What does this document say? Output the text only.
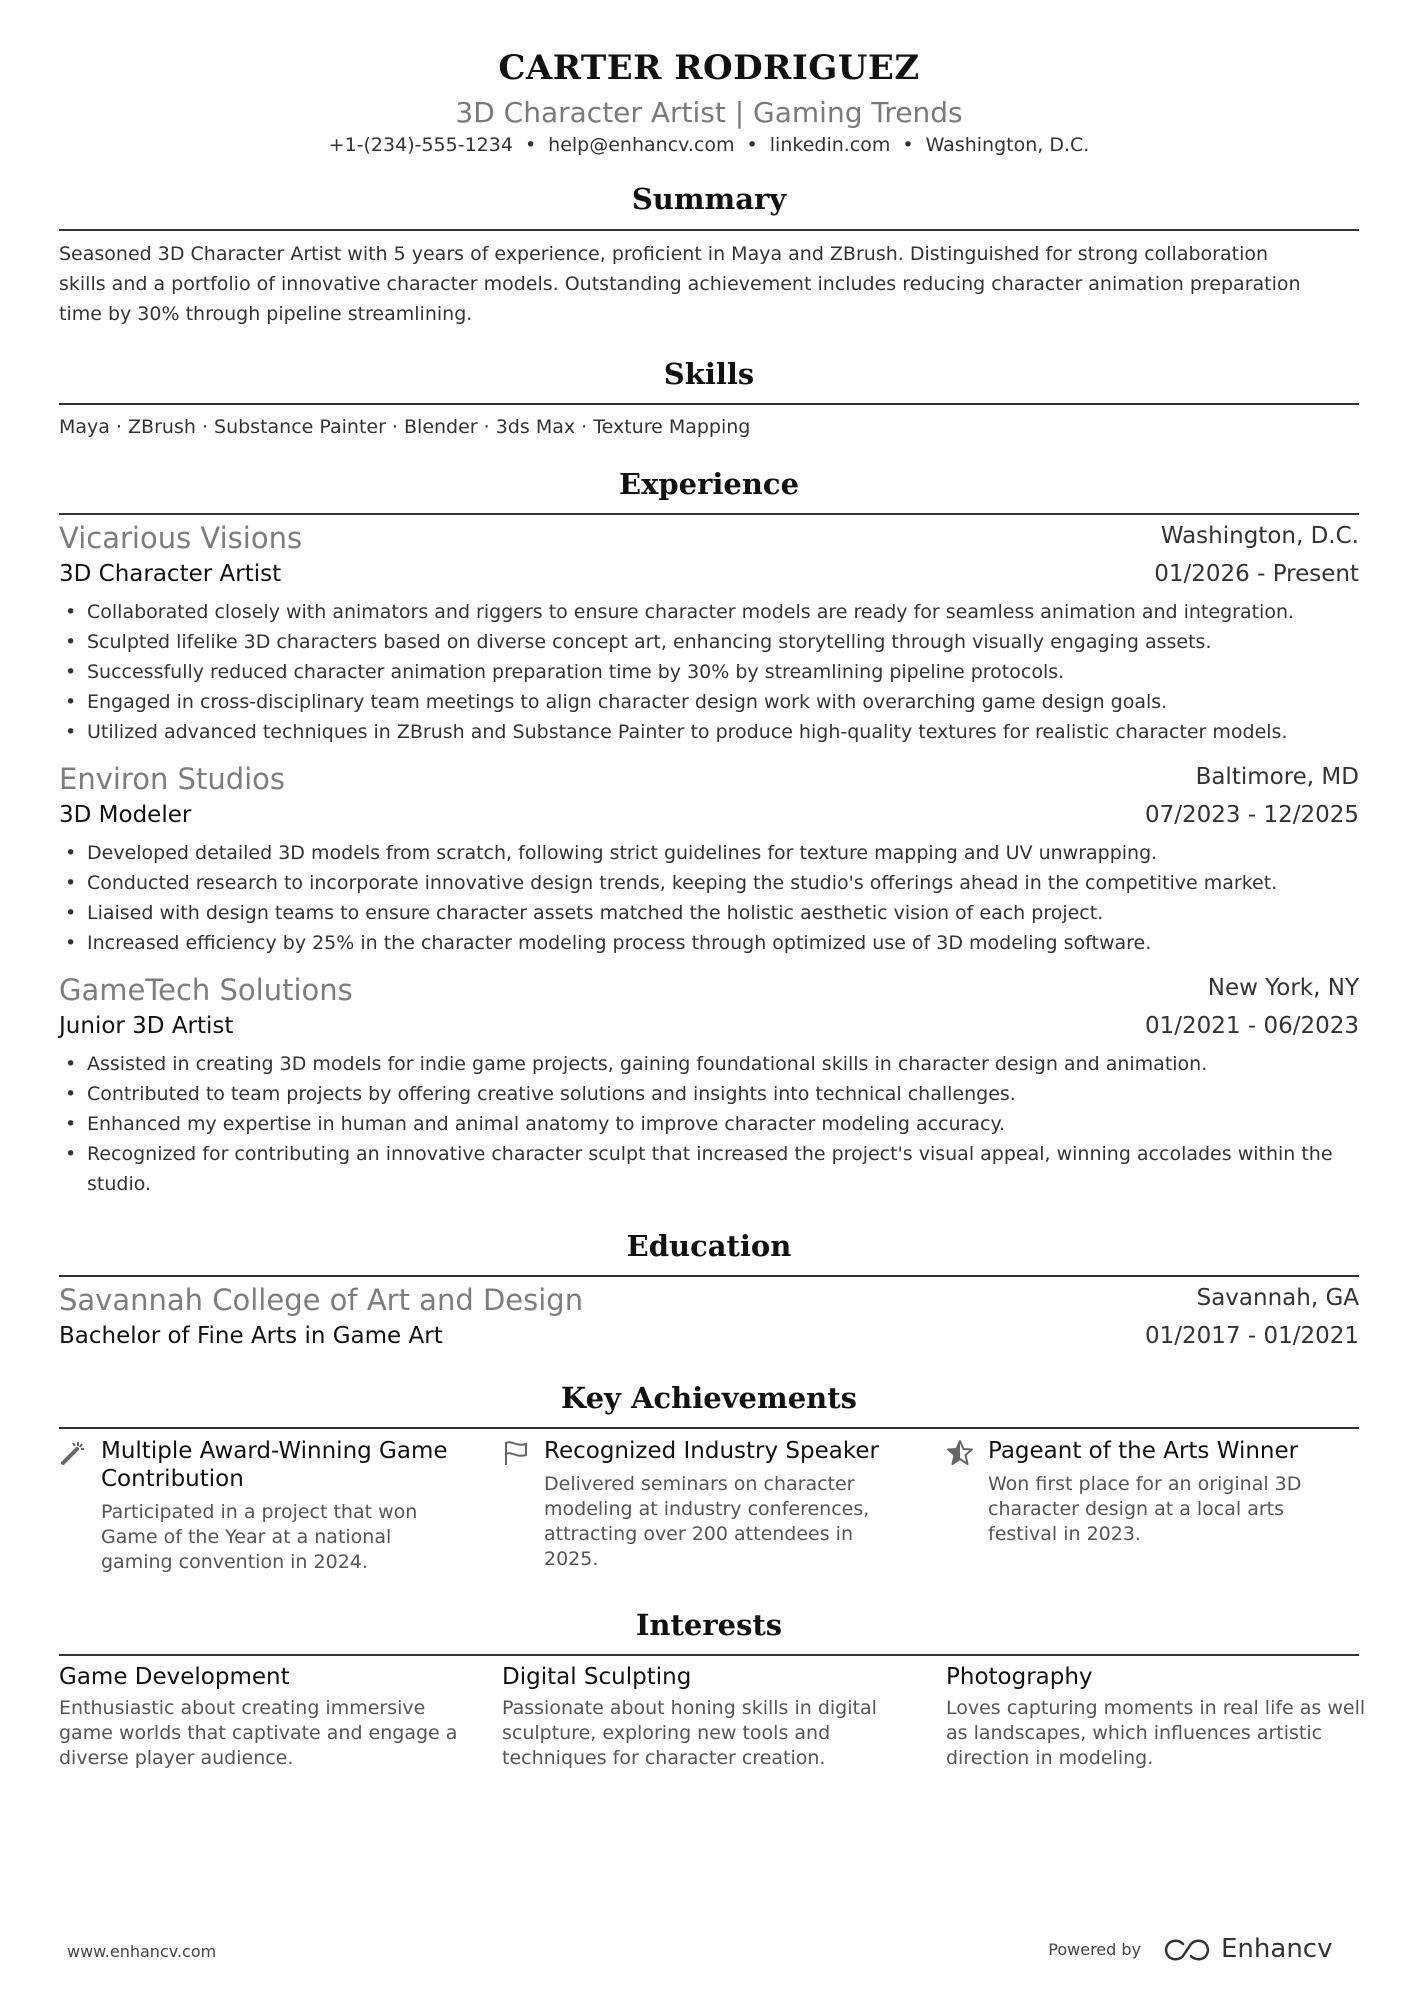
CARTER RODRIGUEZ
3D Character Artist | Gaming Trends
+1-(234)-555-1234 • help@enhancv.com • linkedin.com • Washington, D.C.
Summary
Seasoned 3D Character Artist with 5 years of experience, proficient in Maya and ZBrush. Distinguished for strong collaboration
skills and a portfolio of innovative character models. Outstanding achievement includes reducing character animation preparation
time by 30% through pipeline streamlining.
Skills
Maya · ZBrush · Substance Painter · Blender · 3ds Max · Texture Mapping
Experience
Vicarious Visions	Washington, D.C.
3D Character Artist	01/2026 - Present
• Collaborated closely with animators and riggers to ensure character models are ready for seamless animation and integration.
• Sculpted lifelike 3D characters based on diverse concept art, enhancing storytelling through visually engaging assets.
• Successfully reduced character animation preparation time by 30% by streamlining pipeline protocols.
• Engaged in cross-disciplinary team meetings to align character design work with overarching game design goals.
• Utilized advanced techniques in ZBrush and Substance Painter to produce high-quality textures for realistic character models.
Environ Studios	Baltimore, MD
3D Modeler	07/2023 - 12/2025
• Developed detailed 3D models from scratch, following strict guidelines for texture mapping and UV unwrapping.
• Conducted research to incorporate innovative design trends, keeping the studio's offerings ahead in the competitive market.
• Liaised with design teams to ensure character assets matched the holistic aesthetic vision of each project.
• Increased efficiency by 25% in the character modeling process through optimized use of 3D modeling software.
GameTech Solutions	New York, NY
Junior 3D Artist	01/2021 - 06/2023
• Assisted in creating 3D models for indie game projects, gaining foundational skills in character design and animation.
• Contributed to team projects by offering creative solutions and insights into technical challenges.
• Enhanced my expertise in human and animal anatomy to improve character modeling accuracy.
• Recognized for contributing an innovative character sculpt that increased the project's visual appeal, winning accolades within the studio.
Education
Savannah College of Art and Design	Savannah, GA
Bachelor of Fine Arts in Game Art	01/2017 - 01/2021
Key Achievements
Multiple Award-Winning Game Contribution
Participated in a project that won Game of the Year at a national gaming convention in 2024.
Recognized Industry Speaker
Delivered seminars on character modeling at industry conferences, attracting over 200 attendees in 2025.
Pageant of the Arts Winner
Won first place for an original 3D character design at a local arts festival in 2023.
Interests
Game Development
Enthusiastic about creating immersive game worlds that captivate and engage a diverse player audience.
Digital Sculpting
Passionate about honing skills in digital sculpture, exploring new tools and techniques for character creation.
Photography
Loves capturing moments in real life as well as landscapes, which influences artistic direction in modeling.
www.enhancv.com	Powered by	Enhancv
